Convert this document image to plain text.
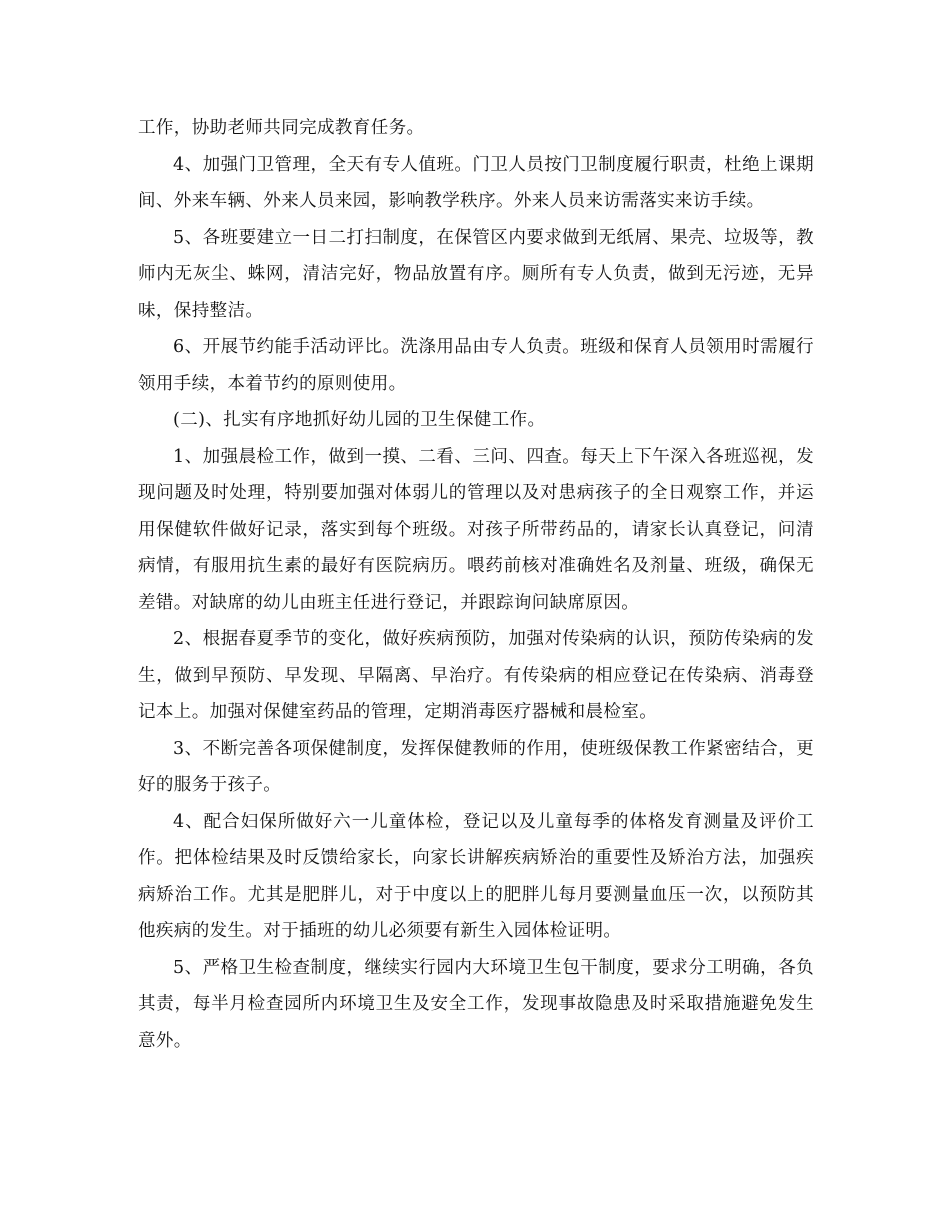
工作，协助老师共同完成教育任务。

4、加强门卫管理，全天有专人值班。门卫人员按门卫制度履行职责，杜绝上课期间、外来车辆、外来人员来园，影响教学秩序。外来人员来访需落实来访手续。

5、各班要建立一日二打扫制度，在保管区内要求做到无纸屑、果壳、垃圾等，教师内无灰尘、蛛网，清洁完好，物品放置有序。厕所有专人负责，做到无污迹，无异味，保持整洁。

6、开展节约能手活动评比。洗涤用品由专人负责。班级和保育人员领用时需履行领用手续，本着节约的原则使用。

(二)、扎实有序地抓好幼儿园的卫生保健工作。

1、加强晨检工作，做到一摸、二看、三问、四查。每天上下午深入各班巡视，发现问题及时处理，特别要加强对体弱儿的管理以及对患病孩子的全日观察工作，并运用保健软件做好记录，落实到每个班级。对孩子所带药品的，请家长认真登记，问清病情，有服用抗生素的最好有医院病历。喂药前核对准确姓名及剂量、班级，确保无差错。对缺席的幼儿由班主任进行登记，并跟踪询问缺席原因。

2、根据春夏季节的变化，做好疾病预防，加强对传染病的认识，预防传染病的发生，做到早预防、早发现、早隔离、早治疗。有传染病的相应登记在传染病、消毒登记本上。加强对保健室药品的管理，定期消毒医疗器械和晨检室。

3、不断完善各项保健制度，发挥保健教师的作用，使班级保教工作紧密结合，更好的服务于孩子。

4、配合妇保所做好六一儿童体检，登记以及儿童每季的体格发育测量及评价工作。把体检结果及时反馈给家长，向家长讲解疾病矫治的重要性及矫治方法，加强疾病矫治工作。尤其是肥胖儿，对于中度以上的肥胖儿每月要测量血压一次，以预防其他疾病的发生。对于插班的幼儿必须要有新生入园体检证明。

5、严格卫生检查制度，继续实行园内大环境卫生包干制度，要求分工明确，各负其责，每半月检查园所内环境卫生及安全工作，发现事故隐患及时采取措施避免发生意外。
